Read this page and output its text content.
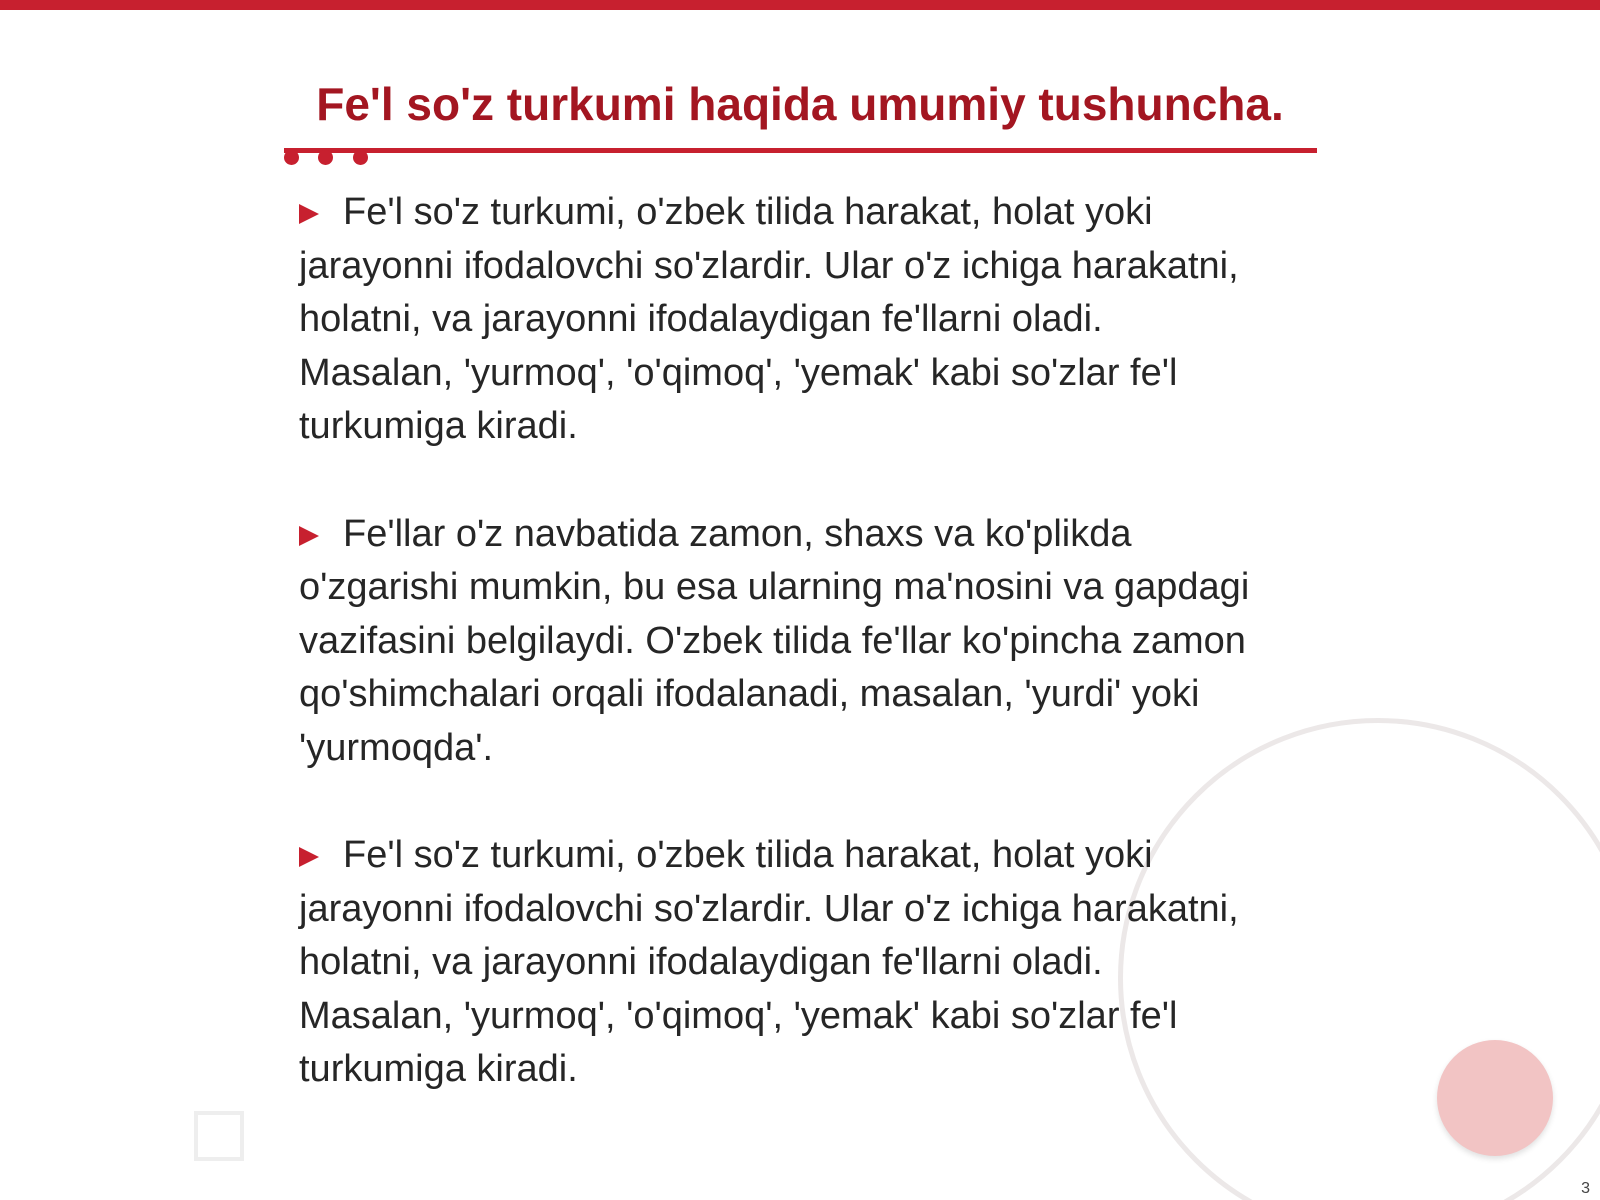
Fe'l so'z turkumi haqida umumiy tushuncha.

Fe'l so'z turkumi, o'zbek tilida harakat, holat yoki jarayonni ifodalovchi so'zlardir. Ular o'z ichiga harakatni, holatni, va jarayonni ifodalaydigan fe'llarni oladi. Masalan, 'yurmoq', 'o'qimoq', 'yemak' kabi so'zlar fe'l turkumiga kiradi.

Fe'llar o'z navbatida zamon, shaxs va ko'plikda o'zgarishi mumkin, bu esa ularning ma'nosini va gapdagi vazifasini belgilaydi. O'zbek tilida fe'llar ko'pincha zamon qo'shimchalari orqali ifodalanadi, masalan, 'yurdi' yoki 'yurmoqda'.

Fe'l so'z turkumi, o'zbek tilida harakat, holat yoki jarayonni ifodalovchi so'zlardir. Ular o'z ichiga harakatni, holatni, va jarayonni ifodalaydigan fe'llarni oladi. Masalan, 'yurmoq', 'o'qimoq', 'yemak' kabi so'zlar fe'l turkumiga kiradi.

3
